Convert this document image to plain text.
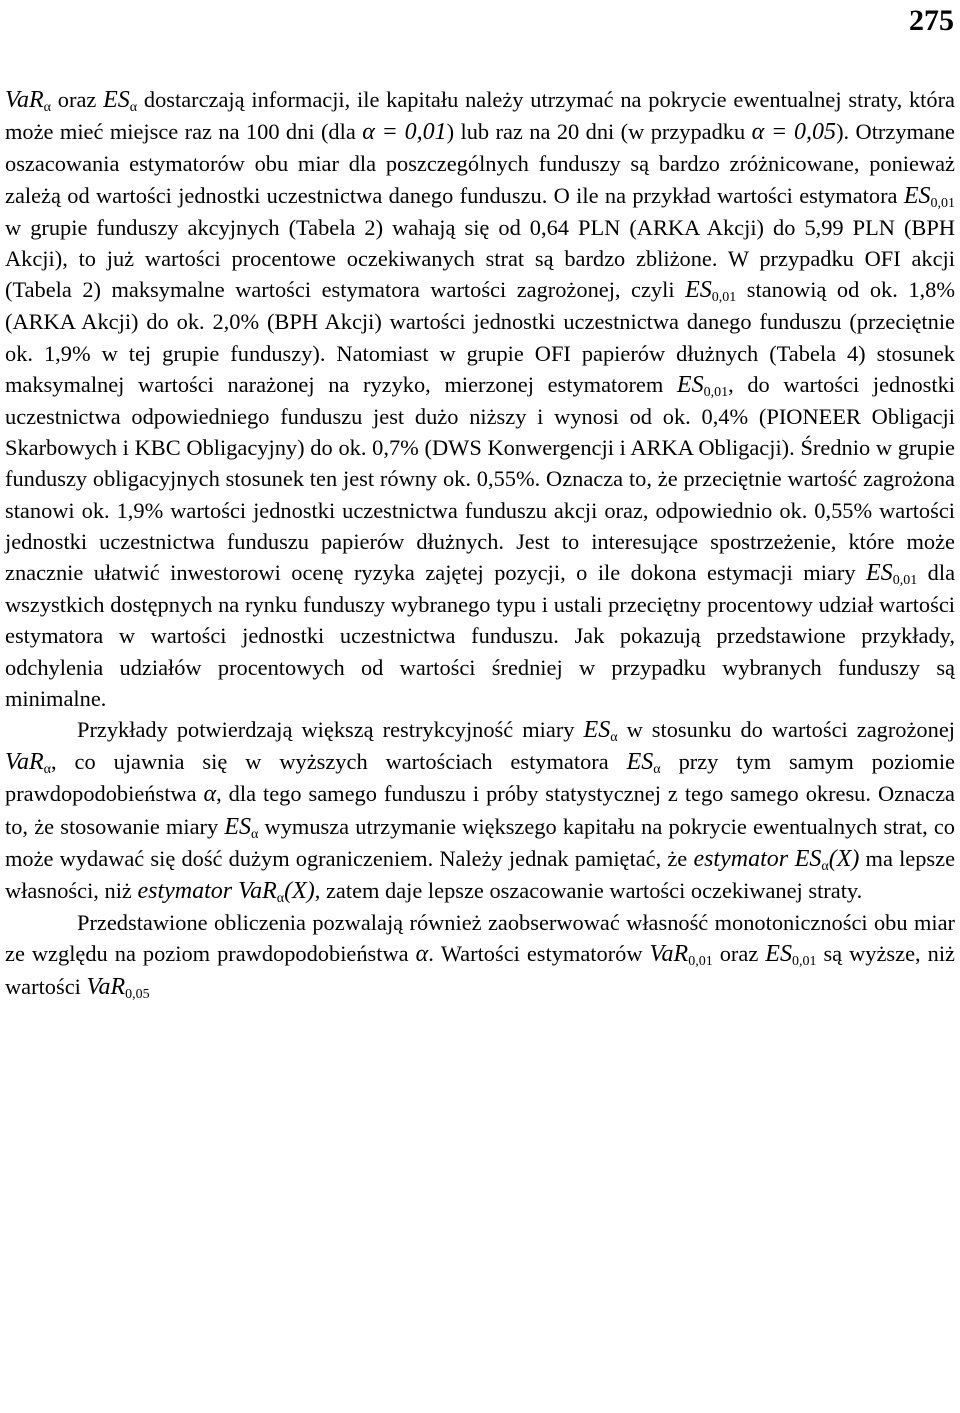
275

VaR$_\alpha$ oraz $ES_\alpha$ dostarczają informacji, ile kapitału należy utrzymać na pokrycie ewentualnej straty, która może mieć miejsce raz na 100 dni (dla α = 0,01) lub raz na 20 dni (w przypadku α = 0,05). Otrzymane oszacowania estymatorów obu miar dla poszczególnych funduszy są bardzo zróżnicowane, ponieważ zależą od wartości jednostki uczestnictwa danego funduszu. O ile na przykład wartości estymatora $ES_{0,01}$ w grupie funduszy akcyjnych (Tabela 2) wahają się od 0,64 PLN (ARKA Akcji) do 5,99 PLN (BPH Akcji), to już wartości procentowe oczekiwanych strat są bardzo zbliżone. W przypadku OFI akcji (Tabela 2) maksymalne wartości estymatora wartości zagrożonej, czyli $ES_{0,01}$ stanowią od ok. 1,8% (ARKA Akcji) do ok. 2,0% (BPH Akcji) wartości jednostki uczestnictwa danego funduszu (przeciętnie ok. 1,9% w tej grupie funduszy). Natomiast w grupie OFI papierów dłużnych (Tabela 4) stosunek maksymalnej wartości narażonej na ryzyko, mierzonej estymatorem $ES_{0,01}$, do wartości jednostki uczestnictwa odpowiedniego funduszu jest dużo niższy i wynosi od ok. 0,4% (PIONEER Obligacji Skarbowych i KBC Obligacyjny) do ok. 0,7% (DWS Konwergencji i ARKA Obligacji). Średnio w grupie funduszy obligacyjnych stosunek ten jest równy ok. 0,55%. Oznacza to, że przeciętnie wartość zagrożona stanowi ok. 1,9% wartości jednostki uczestnictwa funduszu akcji oraz, odpowiednio ok. 0,55% wartości jednostki uczestnictwa funduszu papierów dłużnych. Jest to interesujące spostrzeżenie, które może znacznie ułatwić inwestorowi ocenę ryzyka zajętej pozycji, o ile dokona estymacji miary $ES_{0,01}$ dla wszystkich dostępnych na rynku funduszy wybranego typu i ustali przeciętny procentowy udział wartości estymatora w wartości jednostki uczestnictwa funduszu. Jak pokazują przedstawione przykłady, odchylenia udziałów procentowych od wartości średniej w przypadku wybranych funduszy są minimalne.

Przykłady potwierdzają większą restrykcyjność miary $ES_\alpha$ w stosunku do wartości zagrożonej VaR$_\alpha$, co ujawnia się w wyższych wartościach estymatora $ES_\alpha$ przy tym samym poziomie prawdopodobieństwa α, dla tego samego funduszu i próby statystycznej z tego samego okresu. Oznacza to, że stosowanie miary $ES_\alpha$ wymusza utrzymanie większego kapitału na pokrycie ewentualnych strat, co może wydawać się dość dużym ograniczeniem. Należy jednak pamiętać, że estymator $ES_\alpha(X)$ ma lepsze własności, niż estymator VaR$_\alpha$(X), zatem daje lepsze oszacowanie wartości oczekiwanej straty.

Przedstawione obliczenia pozwalają również zaobserwować własność monotoniczności obu miar ze względu na poziom prawdopodobieństwa α. Wartości estymatorów VaR$_{0,01}$ oraz $ES_{0,01}$ są wyższe, niż wartości VaR$_{0,05}$
